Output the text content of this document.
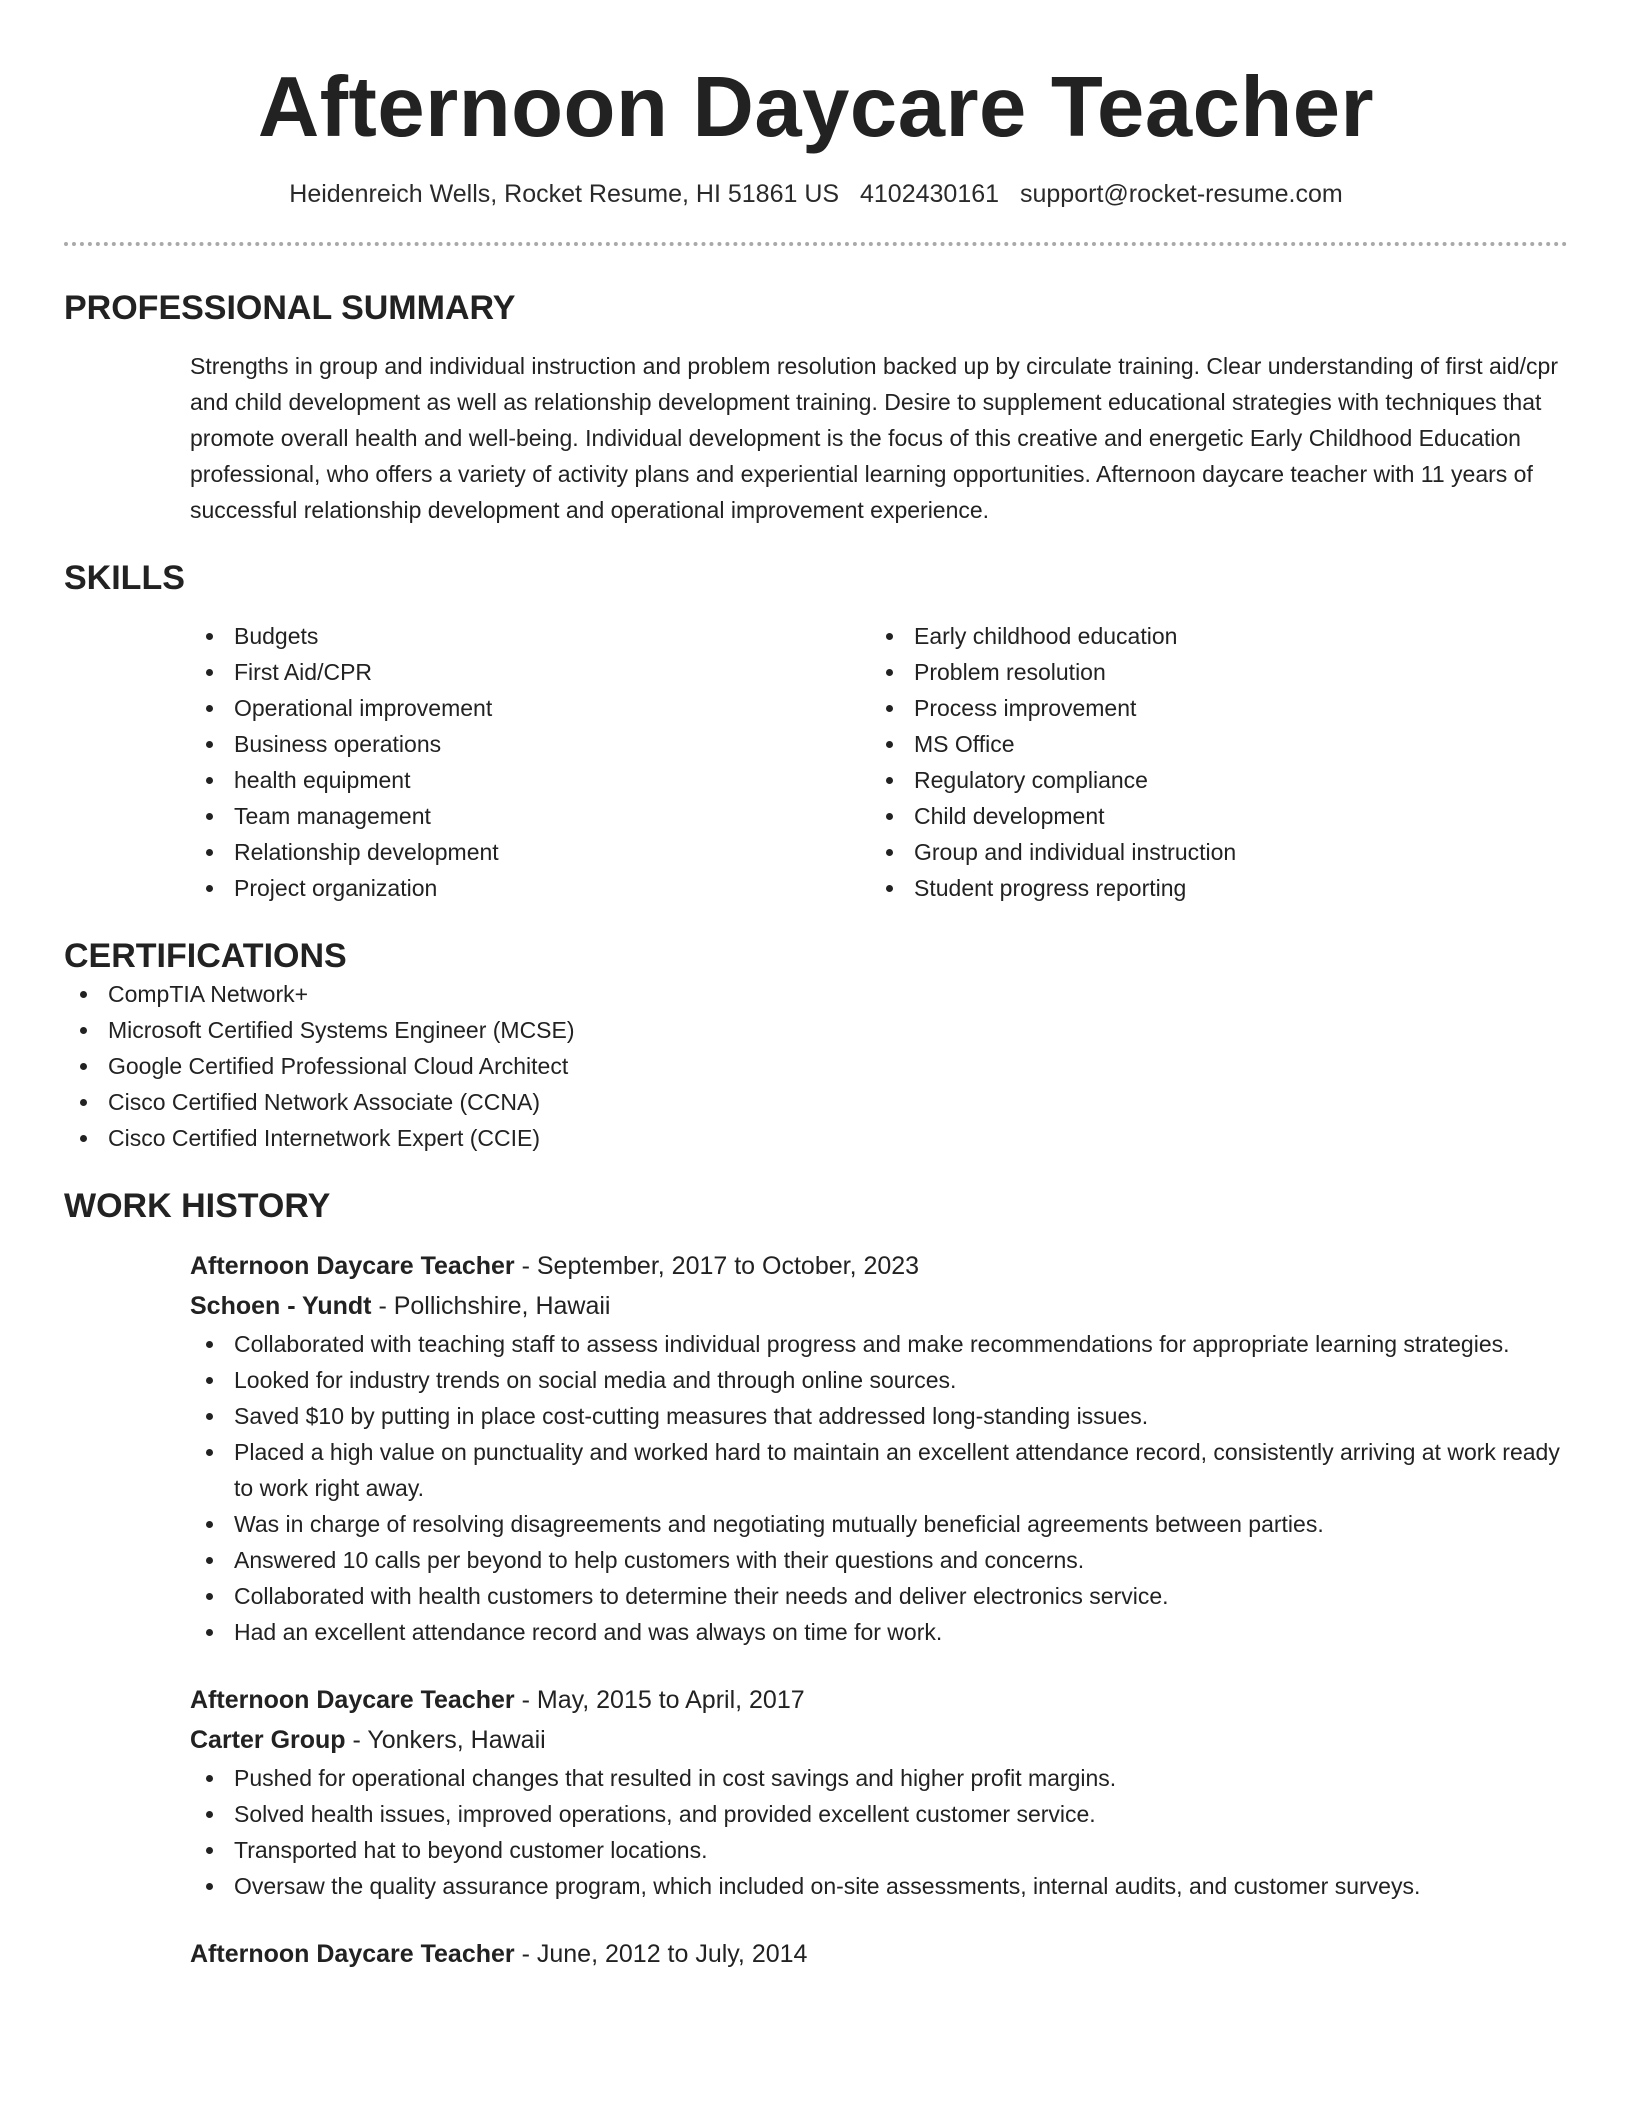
Afternoon Daycare Teacher
Heidenreich Wells, Rocket Resume, HI 51861 US 4102430161 support@rocket-resume.com
PROFESSIONAL SUMMARY

Strengths in group and individual instruction and problem resolution backed up by circulate training. Clear understanding of first aid/cpr and child development as well as relationship development training. Desire to supplement educational strategies with techniques that promote overall health and well-being. Individual development is the focus of this creative and energetic Early Childhood Education professional, who offers a variety of activity plans and experiential learning opportunities. Afternoon daycare teacher with 11 years of successful relationship development and operational improvement experience.

SKILLS
Budgets
First Aid/CPR
Operational improvement
Business operations
health equipment
Team management
Relationship development
Project organization
Early childhood education
Problem resolution
Process improvement
MS Office
Regulatory compliance
Child development
Group and individual instruction
Student progress reporting
CERTIFICATIONS
CompTIA Network+
Microsoft Certified Systems Engineer (MCSE)
Google Certified Professional Cloud Architect
Cisco Certified Network Associate (CCNA)
Cisco Certified Internetwork Expert (CCIE)
WORK HISTORY
Afternoon Daycare Teacher - September, 2017 to October, 2023
Schoen - Yundt - Pollichshire, Hawaii
Collaborated with teaching staff to assess individual progress and make recommendations for appropriate learning strategies.
Looked for industry trends on social media and through online sources.
Saved $10 by putting in place cost-cutting measures that addressed long-standing issues.
Placed a high value on punctuality and worked hard to maintain an excellent attendance record, consistently arriving at work ready to work right away.
Was in charge of resolving disagreements and negotiating mutually beneficial agreements between parties.
Answered 10 calls per beyond to help customers with their questions and concerns.
Collaborated with health customers to determine their needs and deliver electronics service.
Had an excellent attendance record and was always on time for work.
Afternoon Daycare Teacher - May, 2015 to April, 2017
Carter Group - Yonkers, Hawaii
Pushed for operational changes that resulted in cost savings and higher profit margins.
Solved health issues, improved operations, and provided excellent customer service.
Transported hat to beyond customer locations.
Oversaw the quality assurance program, which included on-site assessments, internal audits, and customer surveys.
Afternoon Daycare Teacher - June, 2012 to July, 2014
